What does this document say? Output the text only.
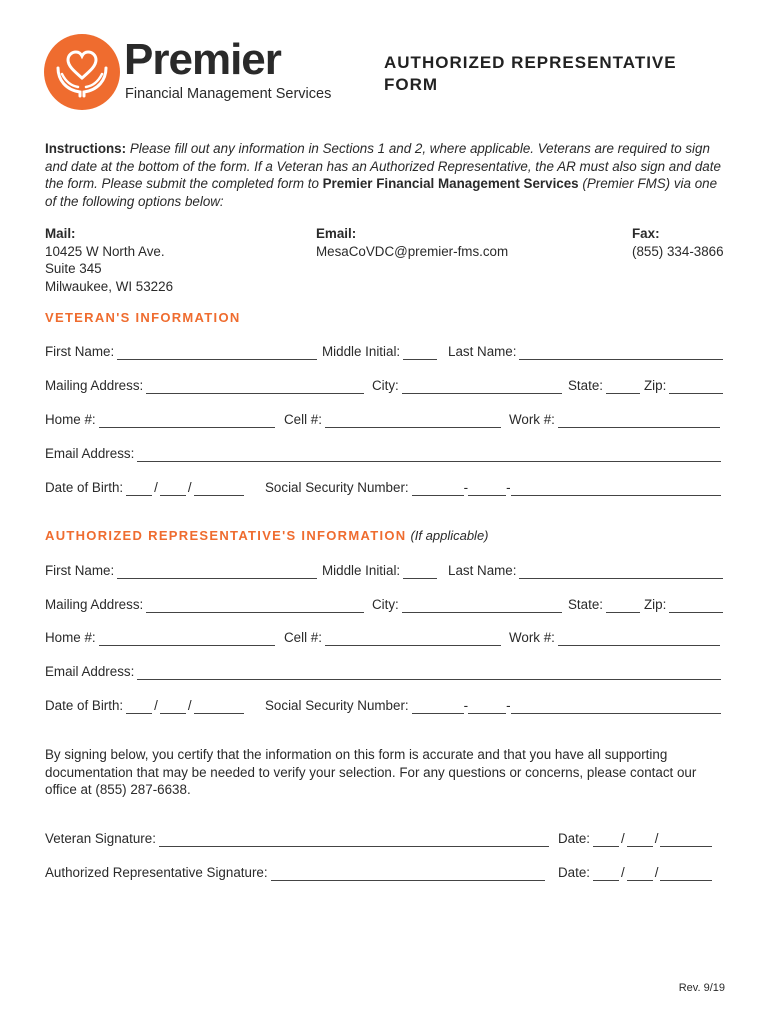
Premier
Financial Management Services
AUTHORIZED REPRESENTATIVE FORM
Instructions: Please fill out any information in Sections 1 and 2, where applicable. Veterans are required to sign and date at the bottom of the form. If a Veteran has an Authorized Representative, the AR must also sign and date the form. Please submit the completed form to Premier Financial Management Services (Premier FMS) via one of the following options below:
Mail:
10425 W North Ave.
Suite 345
Milwaukee, WI 53226
Email:
MesaCoVDC@premier-fms.com
Fax:
(855) 334-3866
VETERAN'S INFORMATION
First Name:	Middle Initial:	Last Name:
Mailing Address:	City:	State:	Zip:
Home #:	Cell #:	Work #:
Email Address:
Date of Birth: / /	Social Security Number:	-	-
AUTHORIZED REPRESENTATIVE'S INFORMATION (If applicable)
First Name:	Middle Initial:	Last Name:
Mailing Address:	City:	State:	Zip:
Home #:	Cell #:	Work #:
Email Address:
Date of Birth: / /	Social Security Number:	-	-
By signing below, you certify that the information on this form is accurate and that you have all supporting documentation that may be needed to verify your selection. For any questions or concerns, please contact our office at (855) 287-6638.
Veteran Signature:	Date: / /
Authorized Representative Signature:	Date: / /
Rev. 9/19
